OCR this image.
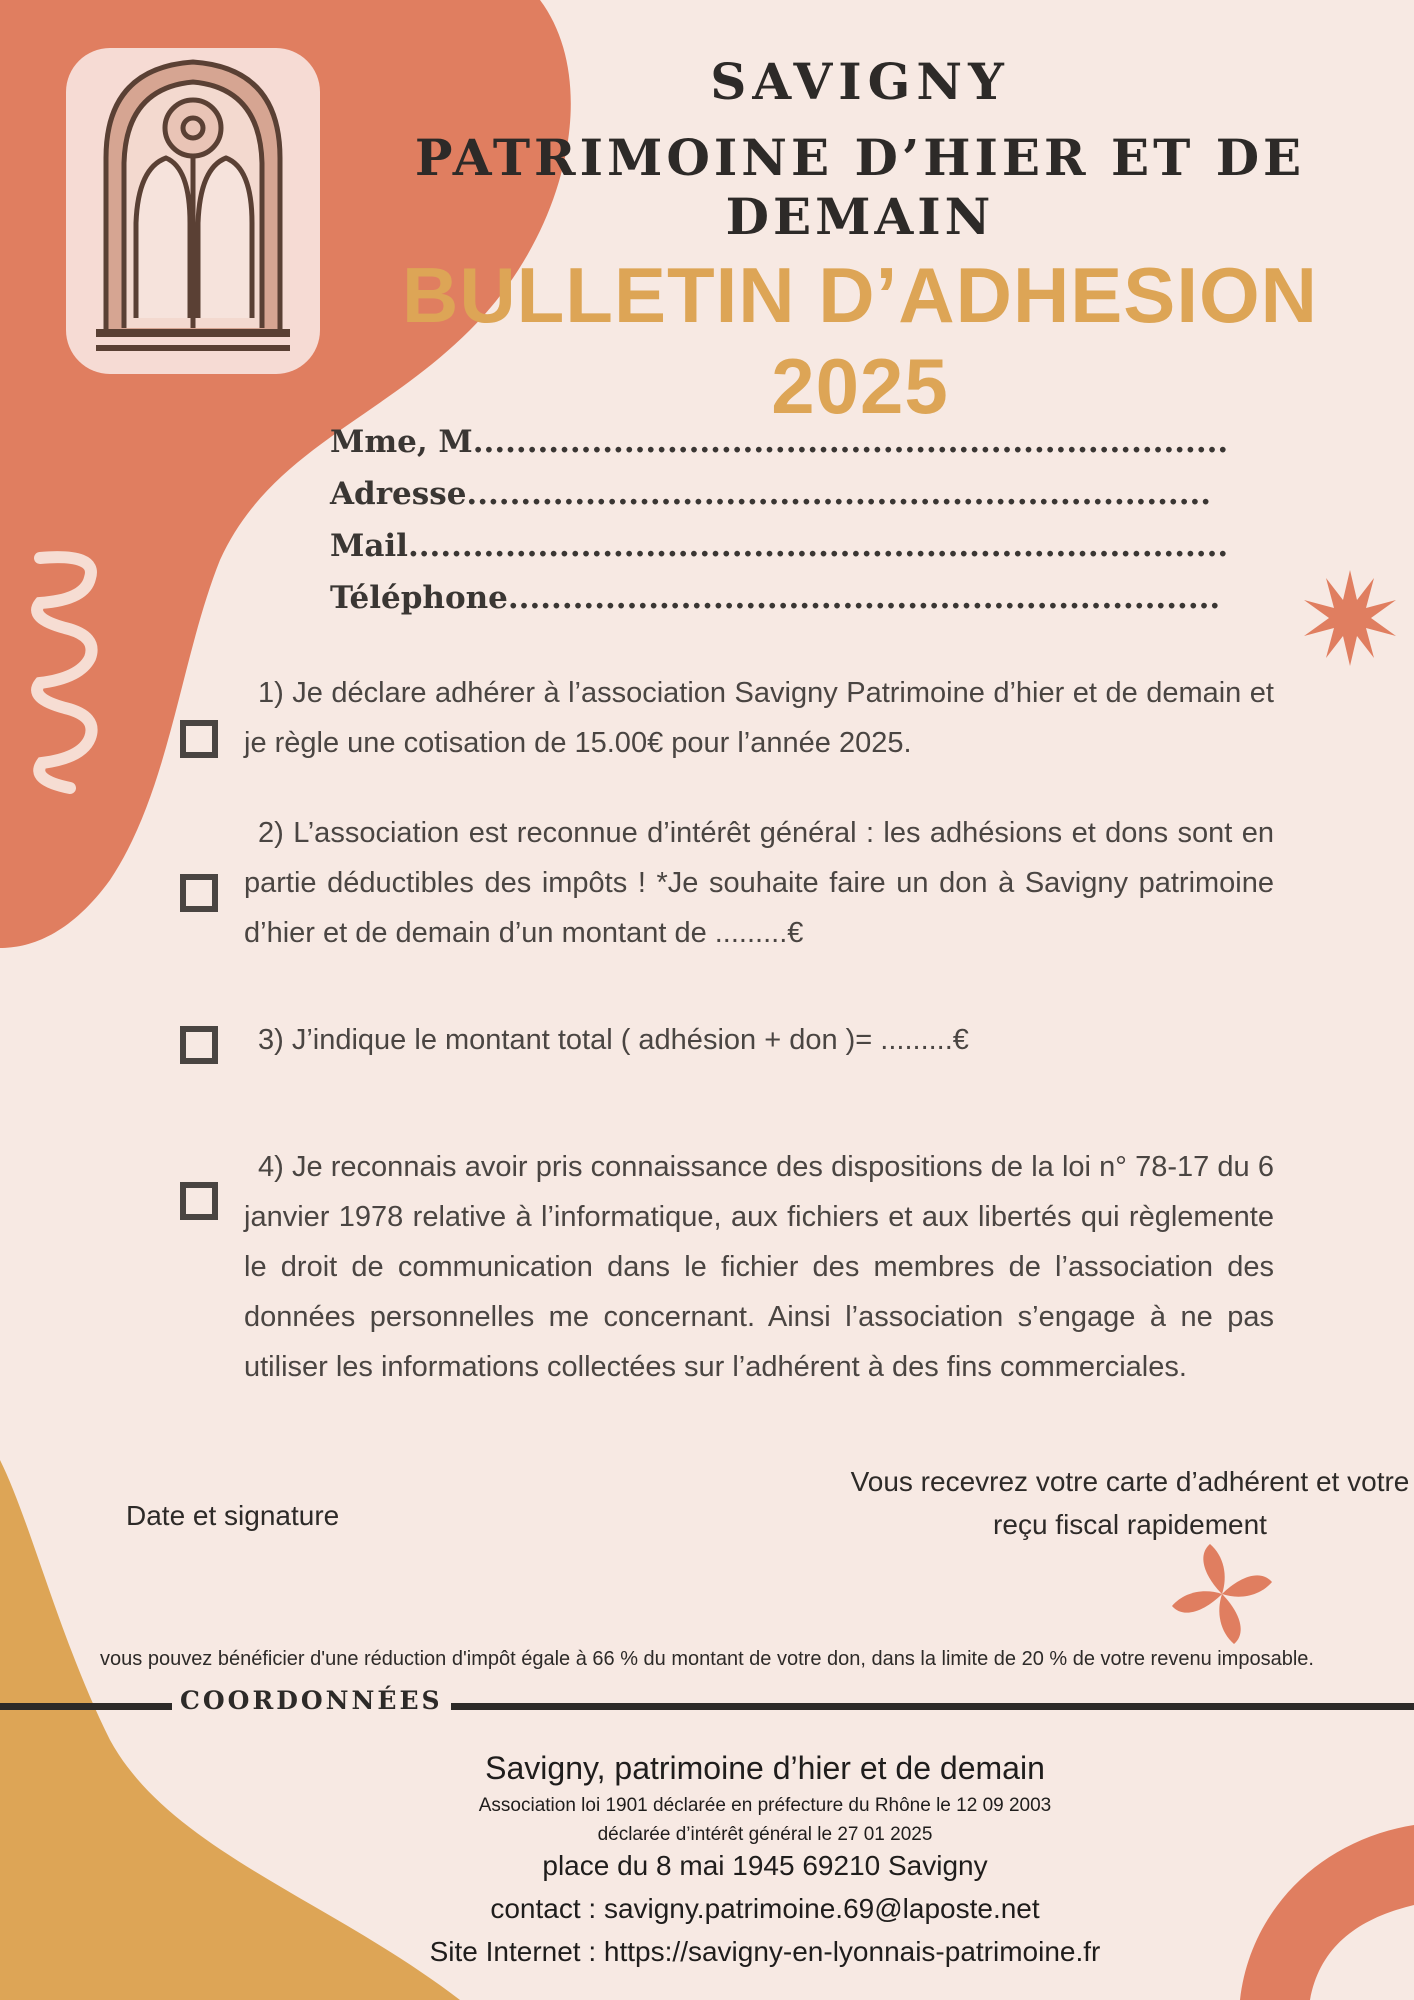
SAVIGNY
PATRIMOINE D’HIER ET DE DEMAIN
BULLETIN D’ADHESION 2025
Mme, M......................................................................
Adresse.....................................................................
Mail............................................................................
Téléphone..................................................................
1) Je déclare adhérer à l’association Savigny Patrimoine d’hier et de demain et je règle une cotisation de 15.00€ pour l’année 2025.
2) L’association est reconnue d’intérêt général : les adhésions et dons sont en partie déductibles des impôts ! *Je souhaite faire un don à Savigny patrimoine d’hier et de demain d’un montant de .........€
3) J’indique le montant total ( adhésion + don )= .........€
4) Je reconnais avoir pris connaissance des dispositions de la loi n° 78-17 du 6 janvier 1978 relative à l’informatique, aux fichiers et aux libertés qui règlemente le droit de communication dans le fichier des membres de l’association des données personnelles me concernant. Ainsi l’association s’engage à ne pas utiliser les informations collectées sur l’adhérent à des fins commerciales.
Date et signature
Vous recevrez votre carte d’adhérent et votre reçu fiscal rapidement
vous pouvez bénéficier d'une réduction d'impôt égale à 66 % du montant de votre don, dans la limite de 20 % de votre revenu imposable.
COORDONNÉES
Savigny, patrimoine d’hier et de demain
Association loi 1901 déclarée en préfecture du Rhône le 12 09 2003
déclarée d’intérêt général le 27 01 2025
place du 8 mai 1945 69210 Savigny
contact : savigny.patrimoine.69@laposte.net
Site Internet : https://savigny-en-lyonnais-patrimoine.fr
